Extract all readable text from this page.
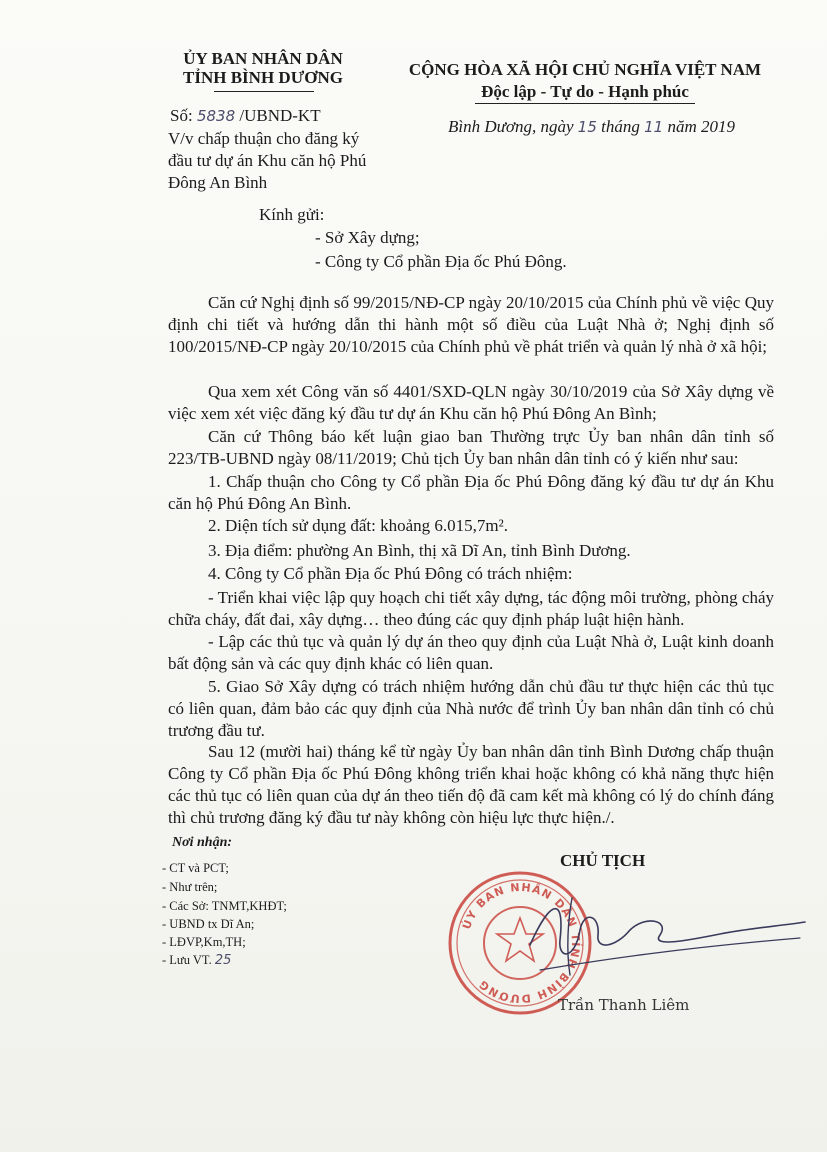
ỦY BAN NHÂN DÂN
TỈNH BÌNH DƯƠNG	CỘNG HÒA XÃ HỘI CHỦ NGHĨA VIỆT NAM
Độc lập - Tự do - Hạnh phúc
Số: 5838 /UBND-KT
V/v chấp thuận cho đăng ký
đầu tư dự án Khu căn hộ Phú
Đông An Bình
Bình Dương, ngày 15 tháng 11 năm 2019
Kính gửi:
- Sở Xây dựng;
- Công ty Cổ phần Địa ốc Phú Đông.
Căn cứ Nghị định số 99/2015/NĐ-CP ngày 20/10/2015 của Chính phủ về việc Quy định chi tiết và hướng dẫn thi hành một số điều của Luật Nhà ở; Nghị định số 100/2015/NĐ-CP ngày 20/10/2015 của Chính phủ về phát triển và quản lý nhà ở xã hội;
Qua xem xét Công văn số 4401/SXD-QLN ngày 30/10/2019 của Sở Xây dựng về việc xem xét việc đăng ký đầu tư dự án Khu căn hộ Phú Đông An Bình;
Căn cứ Thông báo kết luận giao ban Thường trực Ủy ban nhân dân tỉnh số 223/TB-UBND ngày 08/11/2019; Chủ tịch Ủy ban nhân dân tỉnh có ý kiến như sau:
1. Chấp thuận cho Công ty Cổ phần Địa ốc Phú Đông đăng ký đầu tư dự án Khu căn hộ Phú Đông An Bình.
2. Diện tích sử dụng đất: khoảng 6.015,7m².
3. Địa điểm: phường An Bình, thị xã Dĩ An, tỉnh Bình Dương.
4. Công ty Cổ phần Địa ốc Phú Đông có trách nhiệm:
- Triển khai việc lập quy hoạch chi tiết xây dựng, tác động môi trường, phòng cháy chữa cháy, đất đai, xây dựng… theo đúng các quy định pháp luật hiện hành.
- Lập các thủ tục và quản lý dự án theo quy định của Luật Nhà ở, Luật kinh doanh bất động sản và các quy định khác có liên quan.
5. Giao Sở Xây dựng có trách nhiệm hướng dẫn chủ đầu tư thực hiện các thủ tục có liên quan, đảm bảo các quy định của Nhà nước để trình Ủy ban nhân dân tỉnh có chủ trương đầu tư.
Sau 12 (mười hai) tháng kể từ ngày Ủy ban nhân dân tỉnh Bình Dương chấp thuận Công ty Cổ phần Địa ốc Phú Đông không triển khai hoặc không có khả năng thực hiện các thủ tục có liên quan của dự án theo tiến độ đã cam kết mà không có lý do chính đáng thì chủ trương đăng ký đầu tư này không còn hiệu lực thực hiện./.
Nơi nhận:
- CT và PCT;
- Như trên;
- Các Sở: TNMT,KHĐT;
- UBND tx Dĩ An;
- LĐVP,Km,TH;
- Lưu VT. 25
CHỦ TỊCH
ỦY BAN NHÂN DÂN TỈNH BÌNH DƯƠNG
Trần Thanh Liêm
